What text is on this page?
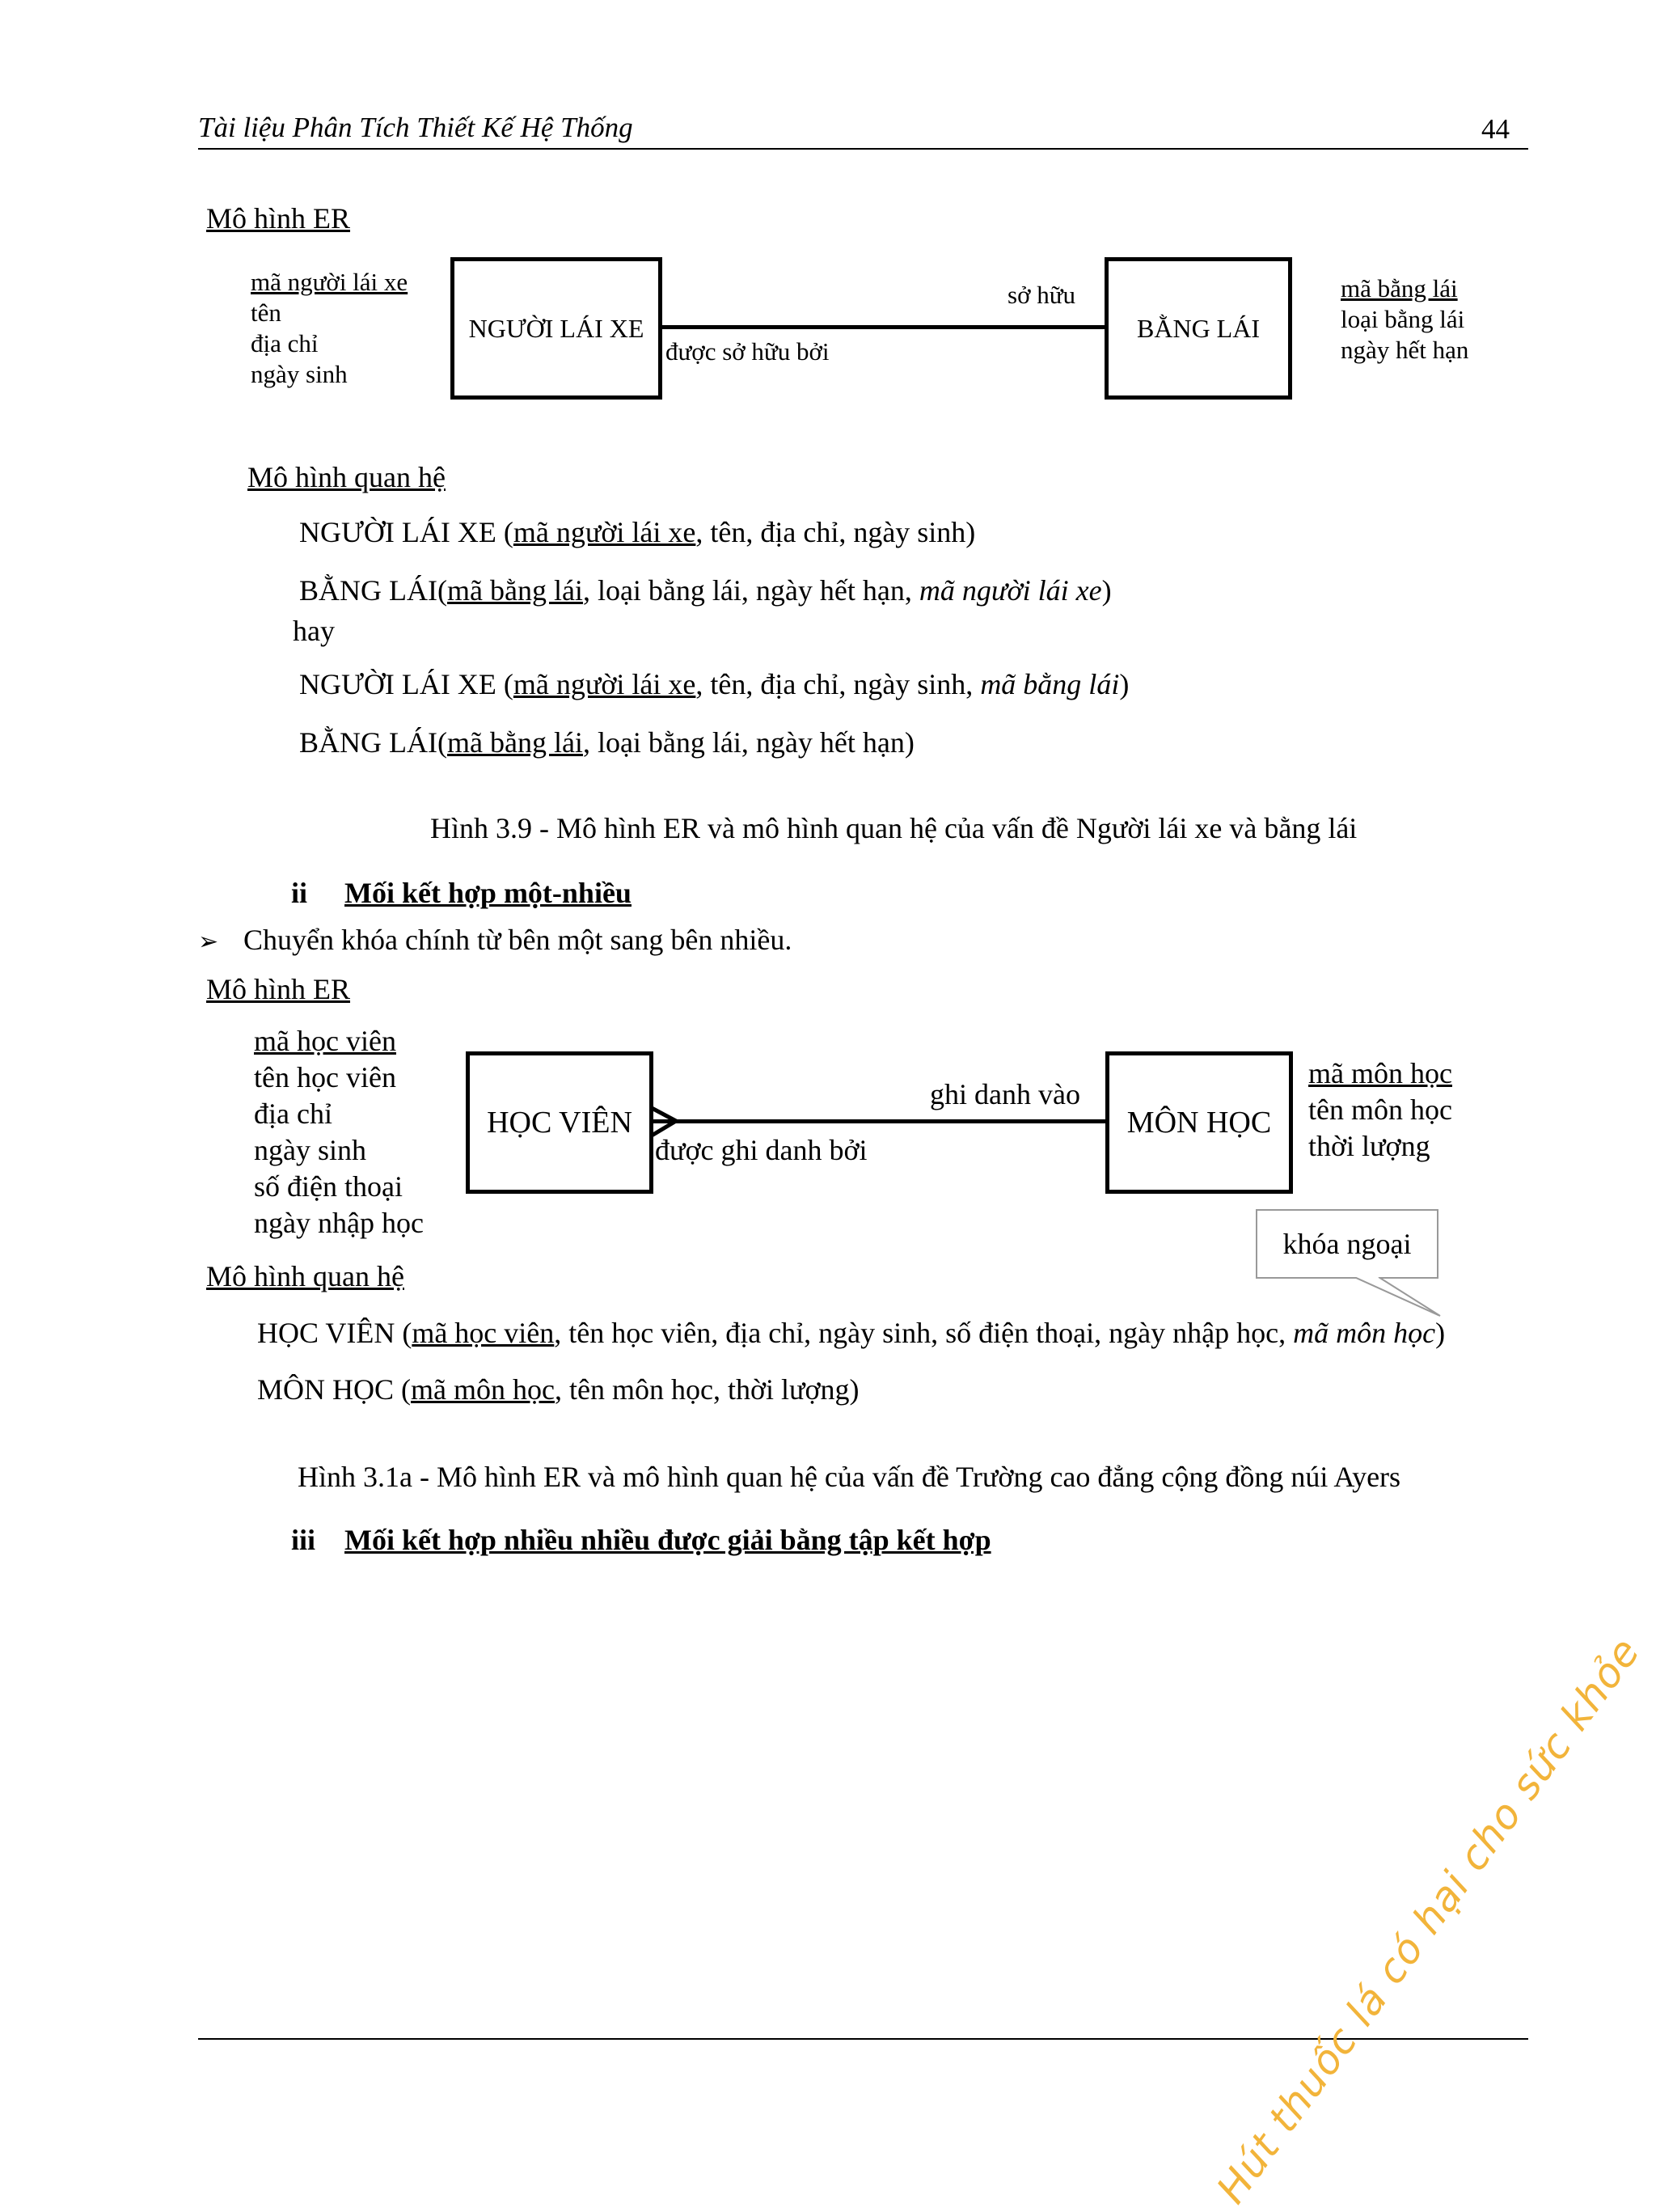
Tài liệu Phân Tích Thiết Kế Hệ Thống	44
Mô hình ER
mã người lái xe
tên
địa chỉ
ngày sinh
NGƯỜI LÁI XE	BẰNG LÁI
sở hữu
được sở hữu bởi
mã bằng lái
loại bằng lái
ngày hết hạn
Mô hình quan hệ
NGƯỜI LÁI XE (mã người lái xe, tên, địa chỉ, ngày sinh)
BẰNG LÁI(mã bằng lái, loại bằng lái, ngày hết hạn, mã người lái xe)
hay
NGƯỜI LÁI XE (mã người lái xe, tên, địa chỉ, ngày sinh, mã bằng lái)
BẰNG LÁI(mã bằng lái, loại bằng lái, ngày hết hạn)
Hình 3.9 - Mô hình ER và mô hình quan hệ của vấn đề Người lái xe và bằng lái
ii Mối kết hợp một-nhiều
➢ Chuyển khóa chính từ bên một sang bên nhiều.
Mô hình ER
mã học viên
tên học viên
địa chỉ
ngày sinh
số điện thoại
ngày nhập học
HỌC VIÊN	MÔN HỌC
ghi danh vào
được ghi danh bởi
mã môn học
tên môn học
thời lượng
khóa ngoại
Mô hình quan hệ
HỌC VIÊN (mã học viên, tên học viên, địa chỉ, ngày sinh, số điện thoại, ngày nhập học, mã môn học)
MÔN HỌC (mã môn học, tên môn học, thời lượng)
Hình 3.1a - Mô hình ER và mô hình quan hệ của vấn đề Trường cao đẳng cộng đồng núi Ayers
iii Mối kết hợp nhiều nhiều được giải bằng tập kết hợp
Hút thuốc lá có hại cho sức khỏe
